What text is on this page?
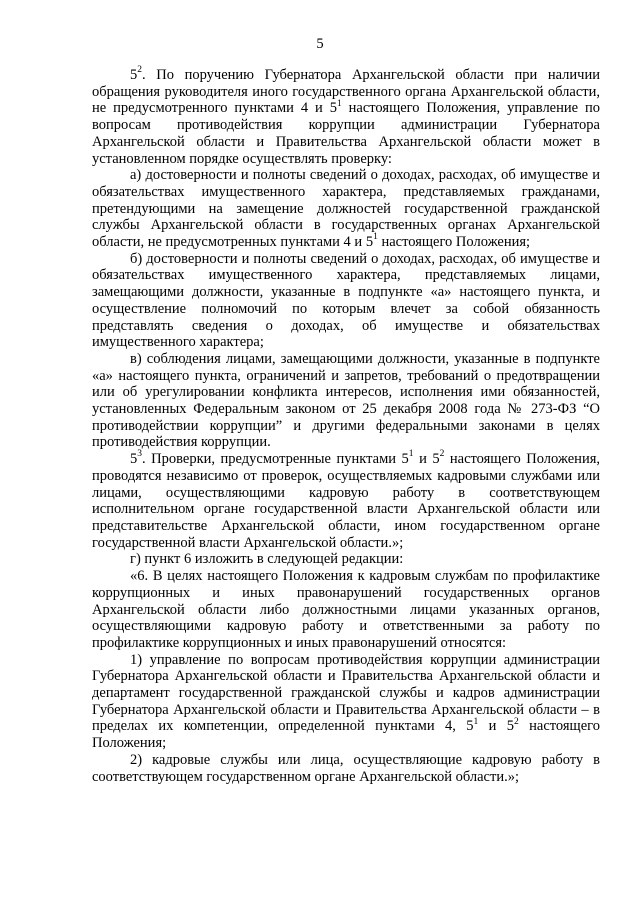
5

$5^2$. По поручению Губернатора Архангельской области при наличии обращения руководителя иного государственного органа Архангельской области, не предусмотренного пунктами 4 и $5^1$ настоящего Положения, управление по вопросам противодействия коррупции администрации Губернатора Архангельской области и Правительства Архангельской области может в установленном порядке осуществлять проверку:

а) достоверности и полноты сведений о доходах, расходах, об имуществе и обязательствах имущественного характера, представляемых гражданами, претендующими на замещение должностей государственной гражданской службы Архангельской области в государственных органах Архангельской области, не предусмотренных пунктами 4 и $5^1$ настоящего Положения;

б) достоверности и полноты сведений о доходах, расходах, об имуществе и обязательствах имущественного характера, представляемых лицами, замещающими должности, указанные в подпункте «а» настоящего пункта, и осуществление полномочий по которым влечет за собой обязанность представлять сведения о доходах, об имуществе и обязательствах имущественного характера;

в) соблюдения лицами, замещающими должности, указанные в подпункте «а» настоящего пункта, ограничений и запретов, требований о предотвращении или об урегулировании конфликта интересов, исполнения ими обязанностей, установленных Федеральным законом от 25 декабря 2008 года № 273-ФЗ “О противодействии коррупции” и другими федеральными законами в целях противодействия коррупции.

$5^3$. Проверки, предусмотренные пунктами $5^1$ и $5^2$ настоящего Положения, проводятся независимо от проверок, осуществляемых кадровыми службами или лицами, осуществляющими кадровую работу в соответствующем исполнительном органе государственной власти Архангельской области или представительстве Архангельской области, ином государственном органе государственной власти Архангельской области.»;

г) пункт 6 изложить в следующей редакции:

«6. В целях настоящего Положения к кадровым службам по профилактике коррупционных и иных правонарушений государственных органов Архангельской области либо должностными лицами указанных органов, осуществляющими кадровую работу и ответственными за работу по профилактике коррупционных и иных правонарушений относятся:

1) управление по вопросам противодействия коррупции администрации Губернатора Архангельской области и Правительства Архангельской области и департамент государственной гражданской службы и кадров администрации Губернатора Архангельской области и Правительства Архангельской области – в пределах их компетенции, определенной пунктами 4, $5^1$ и $5^2$ настоящего Положения;

2) кадровые службы или лица, осуществляющие кадровую работу в соответствующем государственном органе Архангельской области.»;
